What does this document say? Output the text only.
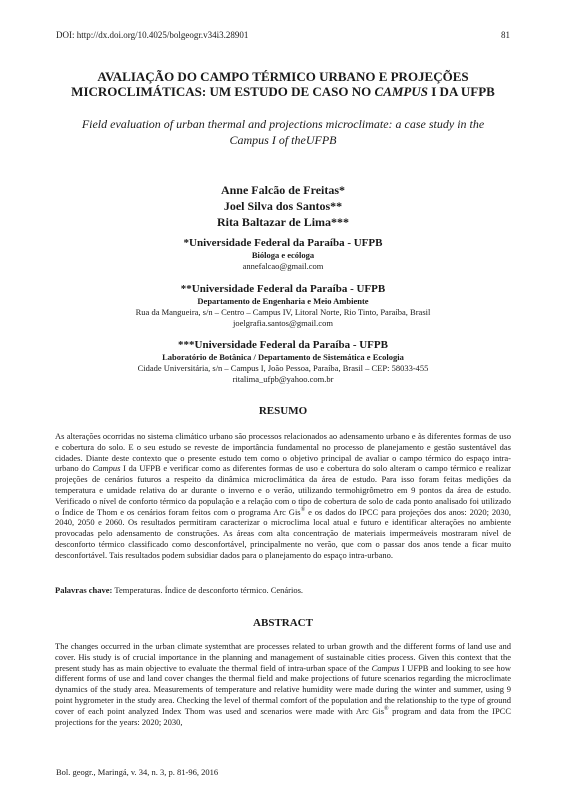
DOI: http://dx.doi.org/10.4025/bolgeogr.v34i3.28901	81
AVALIAÇÃO DO CAMPO TÉRMICO URBANO E PROJEÇÕES
MICROCLIMÁTICAS: UM ESTUDO DE CASO NO CAMPUS I DA UFPB
Field evaluation of urban thermal and projections microclimate: a case study in the
Campus I of theUFPB
Anne Falcão de Freitas*
Joel Silva dos Santos**
Rita Baltazar de Lima***
*Universidade Federal da Paraíba - UFPB
Bióloga e ecóloga
annefalcao@gmail.com
**Universidade Federal da Paraíba - UFPB
Departamento de Engenharia e Meio Ambiente
Rua da Mangueira, s/n – Centro – Campus IV, Litoral Norte, Rio Tinto, Paraíba, Brasil
joelgrafia.santos@gmail.com
***Universidade Federal da Paraíba - UFPB
Laboratório de Botânica / Departamento de Sistemática e Ecologia
Cidade Universitária, s/n – Campus I, João Pessoa, Paraíba, Brasil – CEP: 58033-455
ritalima_ufpb@yahoo.com.br
RESUMO
As alterações ocorridas no sistema climático urbano são processos relacionados ao adensamento urbano e às diferentes formas de uso e cobertura do solo. E o seu estudo se reveste de importância fundamental no processo de planejamento e gestão sustentável das cidades. Diante deste contexto que o presente estudo tem como o objetivo principal de avaliar o campo térmico do espaço intra-urbano do Campus I da UFPB e verificar como as diferentes formas de uso e cobertura do solo alteram o campo térmico e realizar projeções de cenários futuros a respeito da dinâmica microclimática da área de estudo. Para isso foram feitas medições da temperatura e umidade relativa do ar durante o inverno e o verão, utilizando termohigrômetro em 9 pontos da área de estudo. Verificado o nível de conforto térmico da população e a relação com o tipo de cobertura de solo de cada ponto analisado foi utilizado o Índice de Thom e os cenários foram feitos com o programa Arc Gis® e os dados do IPCC para projeções dos anos: 2020; 2030, 2040, 2050 e 2060. Os resultados permitiram caracterizar o microclima local atual e futuro e identificar alterações no ambiente provocadas pelo adensamento de construções. As áreas com alta concentração de materiais impermeáveis mostraram nível de desconforto térmico classificado como desconfortável, principalmente no verão, que com o passar dos anos tende a ficar muito desconfortável. Tais resultados podem subsidiar dados para o planejamento do espaço intra-urbano.
Palavras chave: Temperaturas. Índice de desconforto térmico. Cenários.
ABSTRACT
The changes occurred in the urban climate systemthat are processes related to urban growth and the different forms of land use and cover. His study is of crucial importance in the planning and management of sustainable cities process. Given this context that the present study has as main objective to evaluate the thermal field of intra-urban space of the Campus I UFPB and looking to see how different forms of use and land cover changes the thermal field and make projections of future scenarios regarding the microclimate dynamics of the study area. Measurements of temperature and relative humidity were made during the winter and summer, using 9 point hygrometer in the study area. Checking the level of thermal comfort of the population and the relationship to the type of ground cover of each point analyzed Index Thom was used and scenarios were made with Arc Gis® program and data from the IPCC projections for the years: 2020; 2030,
Bol. geogr., Maringá, v. 34, n. 3, p. 81-96, 2016
